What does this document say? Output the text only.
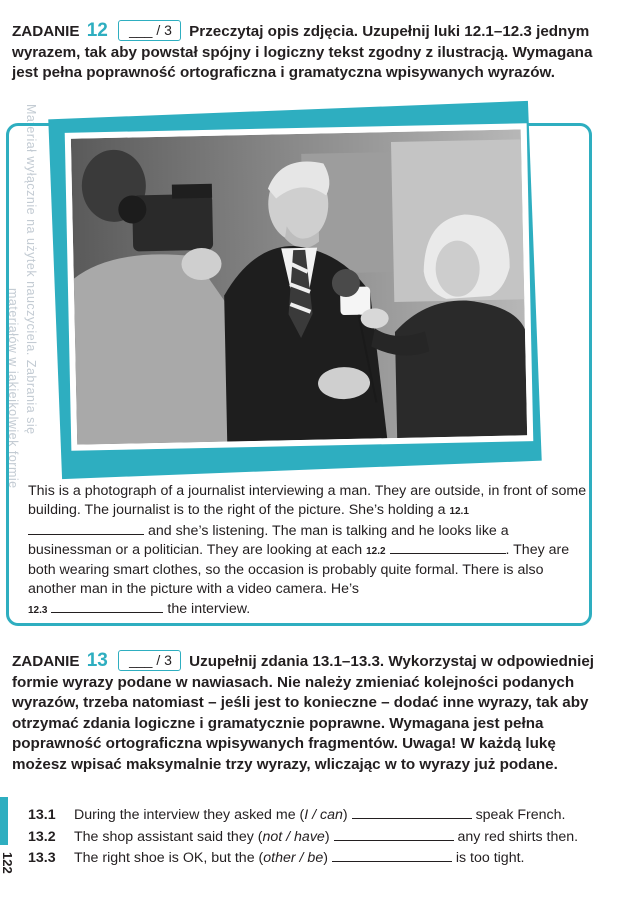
ZADANIE 12 ___ / 3 Przeczytaj opis zdjęcia. Uzupełnij luki 12.1–12.3 jednym wyrazem, tak aby powstał spójny i logiczny tekst zgodny z ilustracją. Wymagana jest pełna poprawność ortograficzna i gramatyczna wpisywanych wyrazów.
Materiał wyłącznie na użytek nauczyciela. Zabrania się
materiałów w jakiejkolwiek formie
This is a photograph of a journalist interviewing a man. They are outside, in front of some building. The journalist is to the right of the picture. She’s holding a 12.1  and she’s listening. The man is talking and he looks like a businessman or a politician. They are looking at each 12.2	. They are both wearing smart clothes, so the occasion is probably quite formal. There is also another man in the picture with a video camera. He’s
12.3	the interview.
ZADANIE 13 ___ / 3 Uzupełnij zdania 13.1–13.3. Wykorzystaj w odpowiedniej formie wyrazy podane w nawiasach. Nie należy zmieniać kolejności podanych wyrazów, trzeba natomiast – jeśli jest to konieczne – dodać inne wyrazy, tak aby otrzymać zdania logiczne i gramatycznie poprawne. Wymagana jest pełna poprawność ortograficzna wpisywanych fragmentów. Uwaga! W każdą lukę możesz wpisać maksymalnie trzy wyrazy, wliczając w to wyrazy już podane.
13.1 During the interview they asked me (I / can)	speak French.
13.2 The shop assistant said they (not / have)	any red shirts then.
13.3 The right shoe is OK, but the (other / be)	is too tight.
122
